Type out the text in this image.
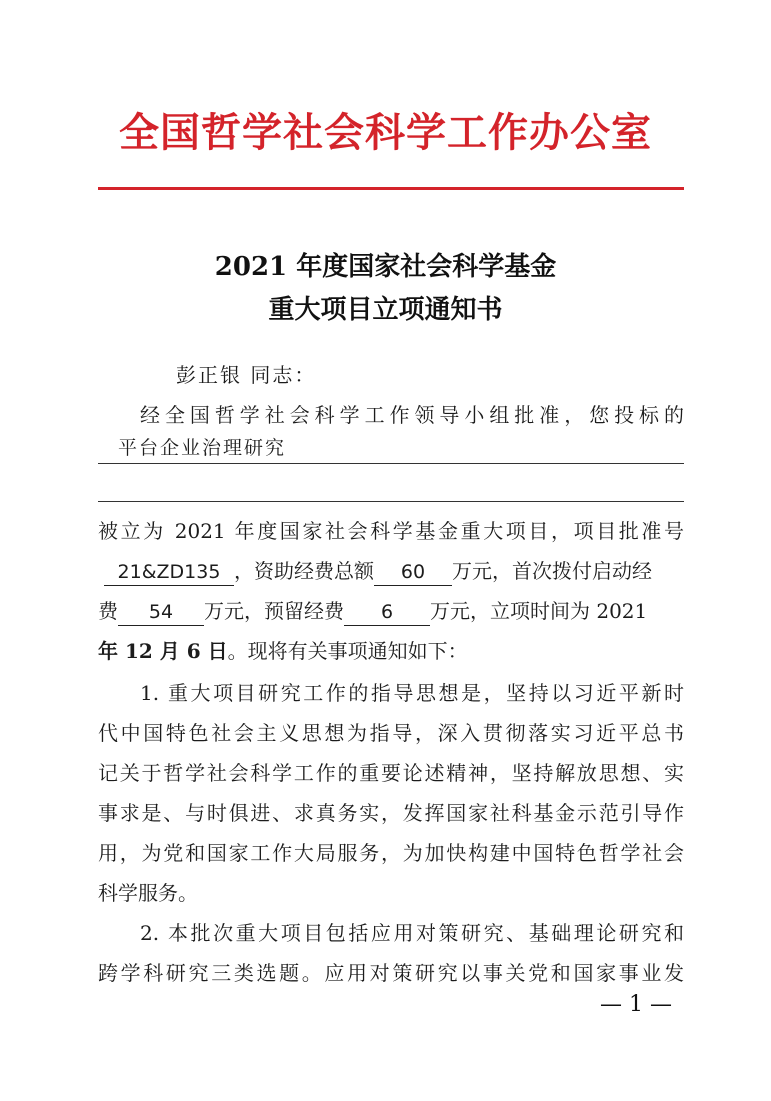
全国哲学社会科学工作办公室
2021 年度国家社会科学基金
重大项目立项通知书
彭正银 同志：
经全国哲学社会科学工作领导小组批准，您投标的
平台企业治理研究
被立为 2021 年度国家社会科学基金重大项目，项目批准号
21&ZD135 ，资助经费总额 60 万元，首次拨付启动经
费 54 万元，预留经费 6 万元，立项时间为 2021
年 12 月 6 日。现将有关事项通知如下：
1. 重大项目研究工作的指导思想是，坚持以习近平新时
代中国特色社会主义思想为指导，深入贯彻落实习近平总书
记关于哲学社会科学工作的重要论述精神，坚持解放思想、实
事求是、与时俱进、求真务实，发挥国家社科基金示范引导作
用，为党和国家工作大局服务，为加快构建中国特色哲学社会
科学服务。
2. 本批次重大项目包括应用对策研究、基础理论研究和
跨学科研究三类选题。应用对策研究以事关党和国家事业发
— 1 —
